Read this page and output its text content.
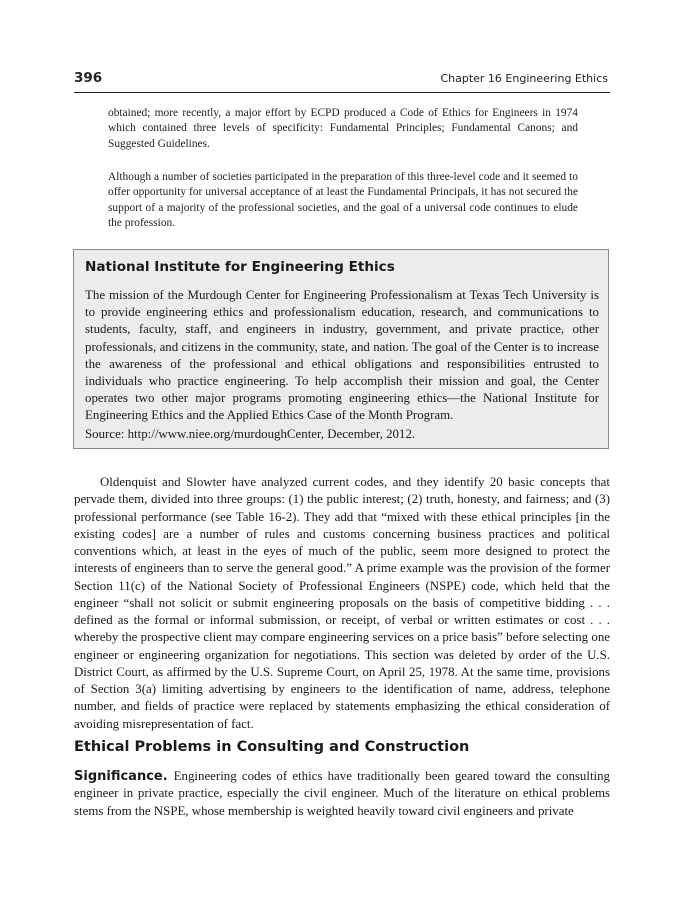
396	Chapter 16 Engineering Ethics

obtained; more recently, a major effort by ECPD produced a Code of Ethics for Engineers in 1974 which contained three levels of specificity: Fundamental Principles; Fundamental Canons; and Suggested Guidelines.

Although a number of societies participated in the preparation of this three-level code and it seemed to offer opportunity for universal acceptance of at least the Fundamental Principals, it has not secured the support of a majority of the professional societies, and the goal of a universal code continues to elude the profession.

National Institute for Engineering Ethics

The mission of the Murdough Center for Engineering Professionalism at Texas Tech University is to provide engineering ethics and professionalism education, research, and communications to students, faculty, staff, and engineers in industry, government, and private practice, other professionals, and citizens in the community, state, and nation. The goal of the Center is to increase the awareness of the professional and ethical obligations and responsibilities entrusted to individuals who practice engineering. To help accomplish their mission and goal, the Center operates two other major programs promoting engineering ethics—the National Institute for Engineering Ethics and the Applied Ethics Case of the Month Program.

Source: http://www.niee.org/murdoughCenter, December, 2012.

Oldenquist and Slowter have analyzed current codes, and they identify 20 basic concepts that pervade them, divided into three groups: (1) the public interest; (2) truth, honesty, and fairness; and (3) professional performance (see Table 16-2). They add that “mixed with these ethical principles [in the existing codes] are a number of rules and customs concerning business practices and political conventions which, at least in the eyes of much of the public, seem more designed to protect the interests of engineers than to serve the general good.” A prime example was the provision of the former Section 11(c) of the National Society of Professional Engineers (NSPE) code, which held that the engineer “shall not solicit or submit engineering proposals on the basis of competitive bidding . . . defined as the formal or informal submission, or receipt, of verbal or written estimates or cost . . . whereby the prospective client may compare engineering services on a price basis” before selecting one engineer or engineering organization for negotiations. This section was deleted by order of the U.S. District Court, as affirmed by the U.S. Supreme Court, on April 25, 1978. At the same time, provisions of Section 3(a) limiting advertising by engineers to the identification of name, address, telephone number, and fields of practice were replaced by statements emphasizing the ethical consideration of avoiding misrepresentation of fact.

Ethical Problems in Consulting and Construction

Significance. Engineering codes of ethics have traditionally been geared toward the consulting engineer in private practice, especially the civil engineer. Much of the literature on ethical problems stems from the NSPE, whose membership is weighted heavily toward civil engineers and private
